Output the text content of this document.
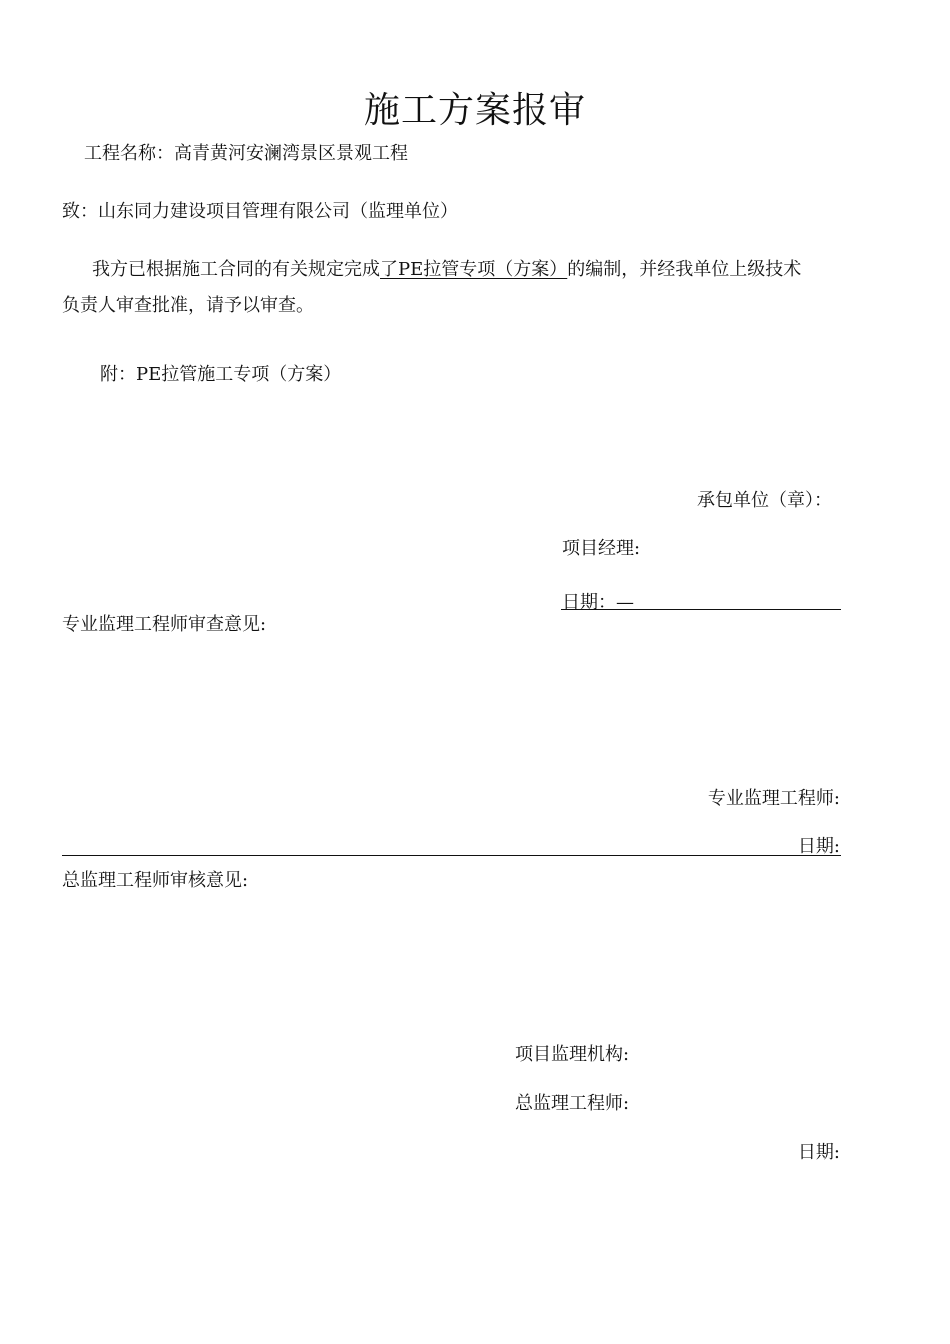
施工方案报审
工程名称：高青黄河安澜湾景区景观工程
致：山东同力建设项目管理有限公司（监理单位）
我方已根据施工合同的有关规定完成了PE拉管专项（方案）的编制，并经我单位上级技术
负责人审查批准，请予以审查。
附：PE拉管施工专项（方案）
承包单位（章）：
项目经理:
日期：—
专业监理工程师审查意见:
专业监理工程师:
日期:
总监理工程师审核意见:
项目监理机构:
总监理工程师:
日期:
